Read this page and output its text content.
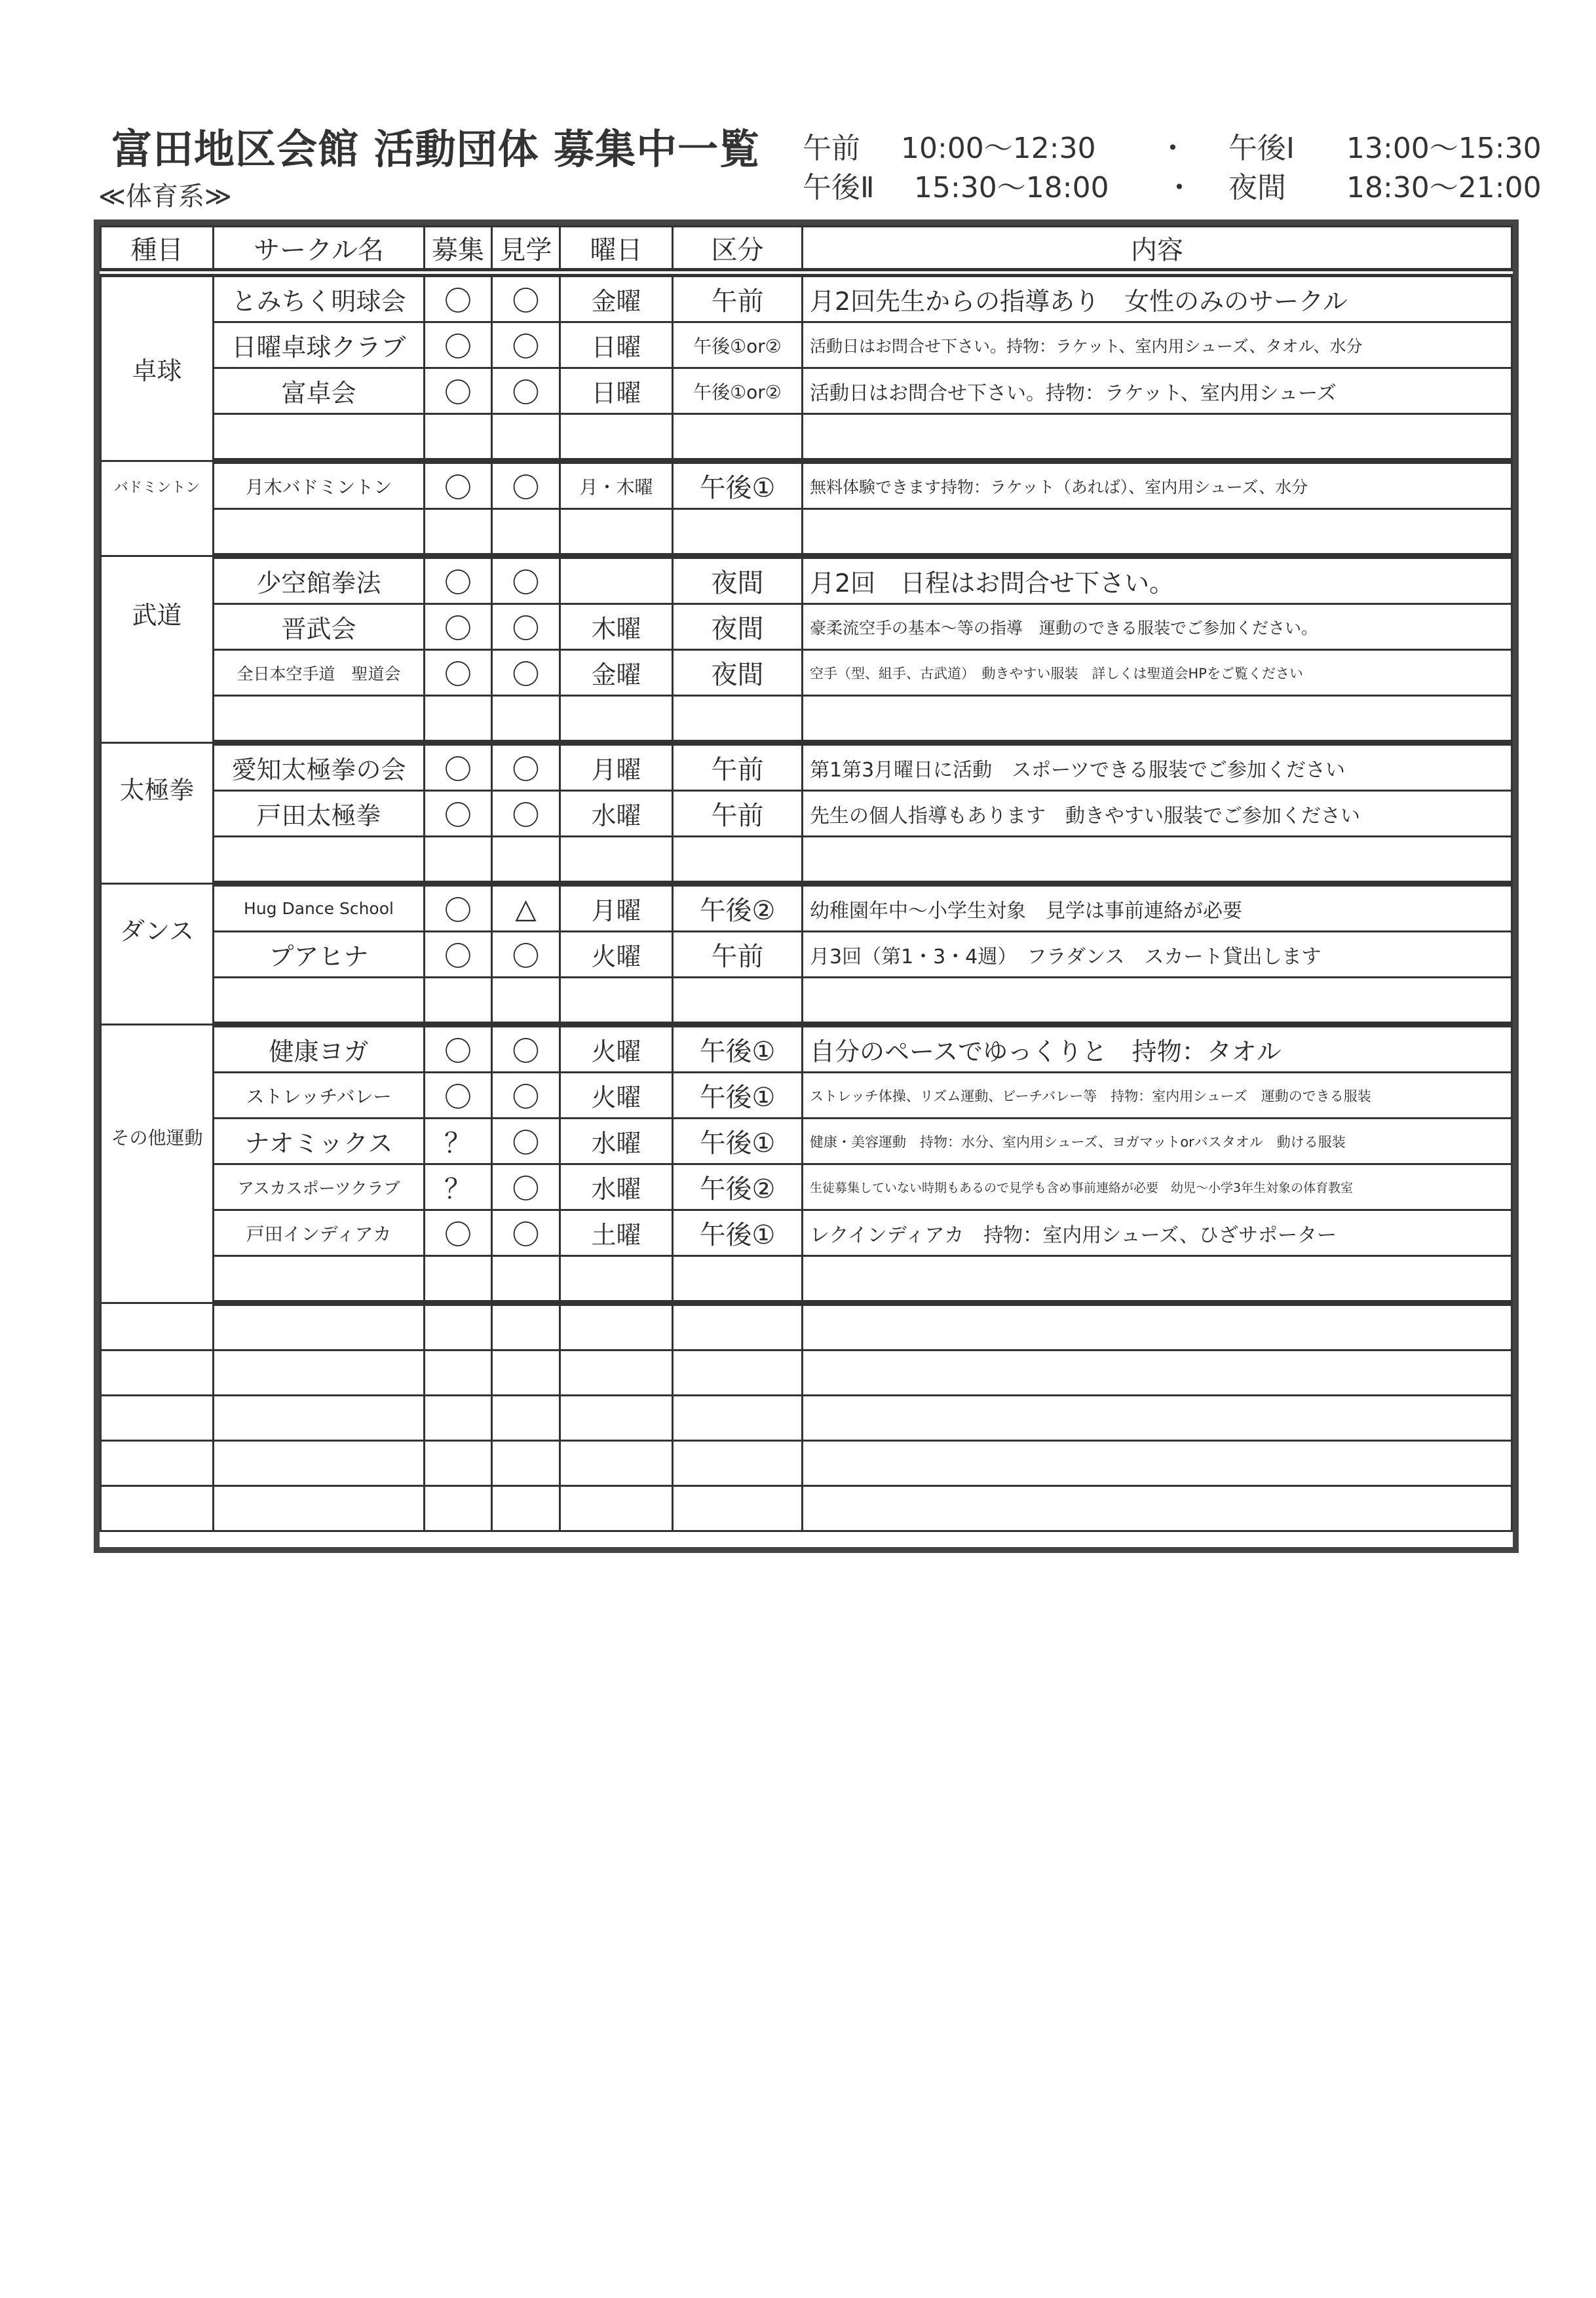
富田地区会館 活動団体 募集中一覧
≪体育系≫
午前	10:00～12:30	・	午後Ⅰ	13:00～15:30
午後Ⅱ	15:30～18:00	・	夜間	18:30～21:00
種目	サークル名	募集	見学	曜日	区分	内容
卓球	とみちく明球会	〇	〇	金曜	午前	月2回先生からの指導あり　女性のみのサークル
	日曜卓球クラブ	〇	〇	日曜	午後①or②	活動日はお問合せ下さい。持物：ラケット、室内用シューズ、タオル、水分
	富卓会	〇	〇	日曜	午後①or②	活動日はお問合せ下さい。持物：ラケット、室内用シューズ

バドミントン	月木バドミントン	〇	〇	月・木曜	午後①	無料体験できます持物：ラケット（あれば）、室内用シューズ、水分

武道	少空館拳法	〇	〇		夜間	月2回　日程はお問合せ下さい。
	晋武会	〇	〇	木曜	夜間	豪柔流空手の基本～等の指導　運動のできる服装でご参加ください。
	全日本空手道　聖道会	〇	〇	金曜	夜間	空手（型、組手、古武道）　動きやすい服装　詳しくは聖道会HPをご覧ください

太極拳	愛知太極拳の会	〇	〇	月曜	午前	第1第3月曜日に活動　スポーツできる服装でご参加ください
	戸田太極拳	〇	〇	水曜	午前	先生の個人指導もあります　動きやすい服装でご参加ください

ダンス	Hug Dance School	〇	△	月曜	午後②	幼稚園年中～小学生対象　見学は事前連絡が必要
	プアヒナ	〇	〇	火曜	午前	月3回（第1・3・4週）　フラダンス　スカート貸出します

その他運動	健康ヨガ	〇	〇	火曜	午後①	自分のペースでゆっくりと　持物：タオル
	ストレッチバレー	〇	〇	火曜	午後①	ストレッチ体操、リズム運動、ビーチバレー等　持物：室内用シューズ　運動のできる服装
	ナオミックス	？	〇	水曜	午後①	健康・美容運動　持物：水分、室内用シューズ、ヨガマットorバスタオル　動ける服装
	アスカスポーツクラブ	？	〇	水曜	午後②	生徒募集していない時期もあるので見学も含め事前連絡が必要　幼児～小学3年生対象の体育教室
	戸田インディアカ	〇	〇	土曜	午後①	レクインディアカ　持物：室内用シューズ、ひざサポーター
